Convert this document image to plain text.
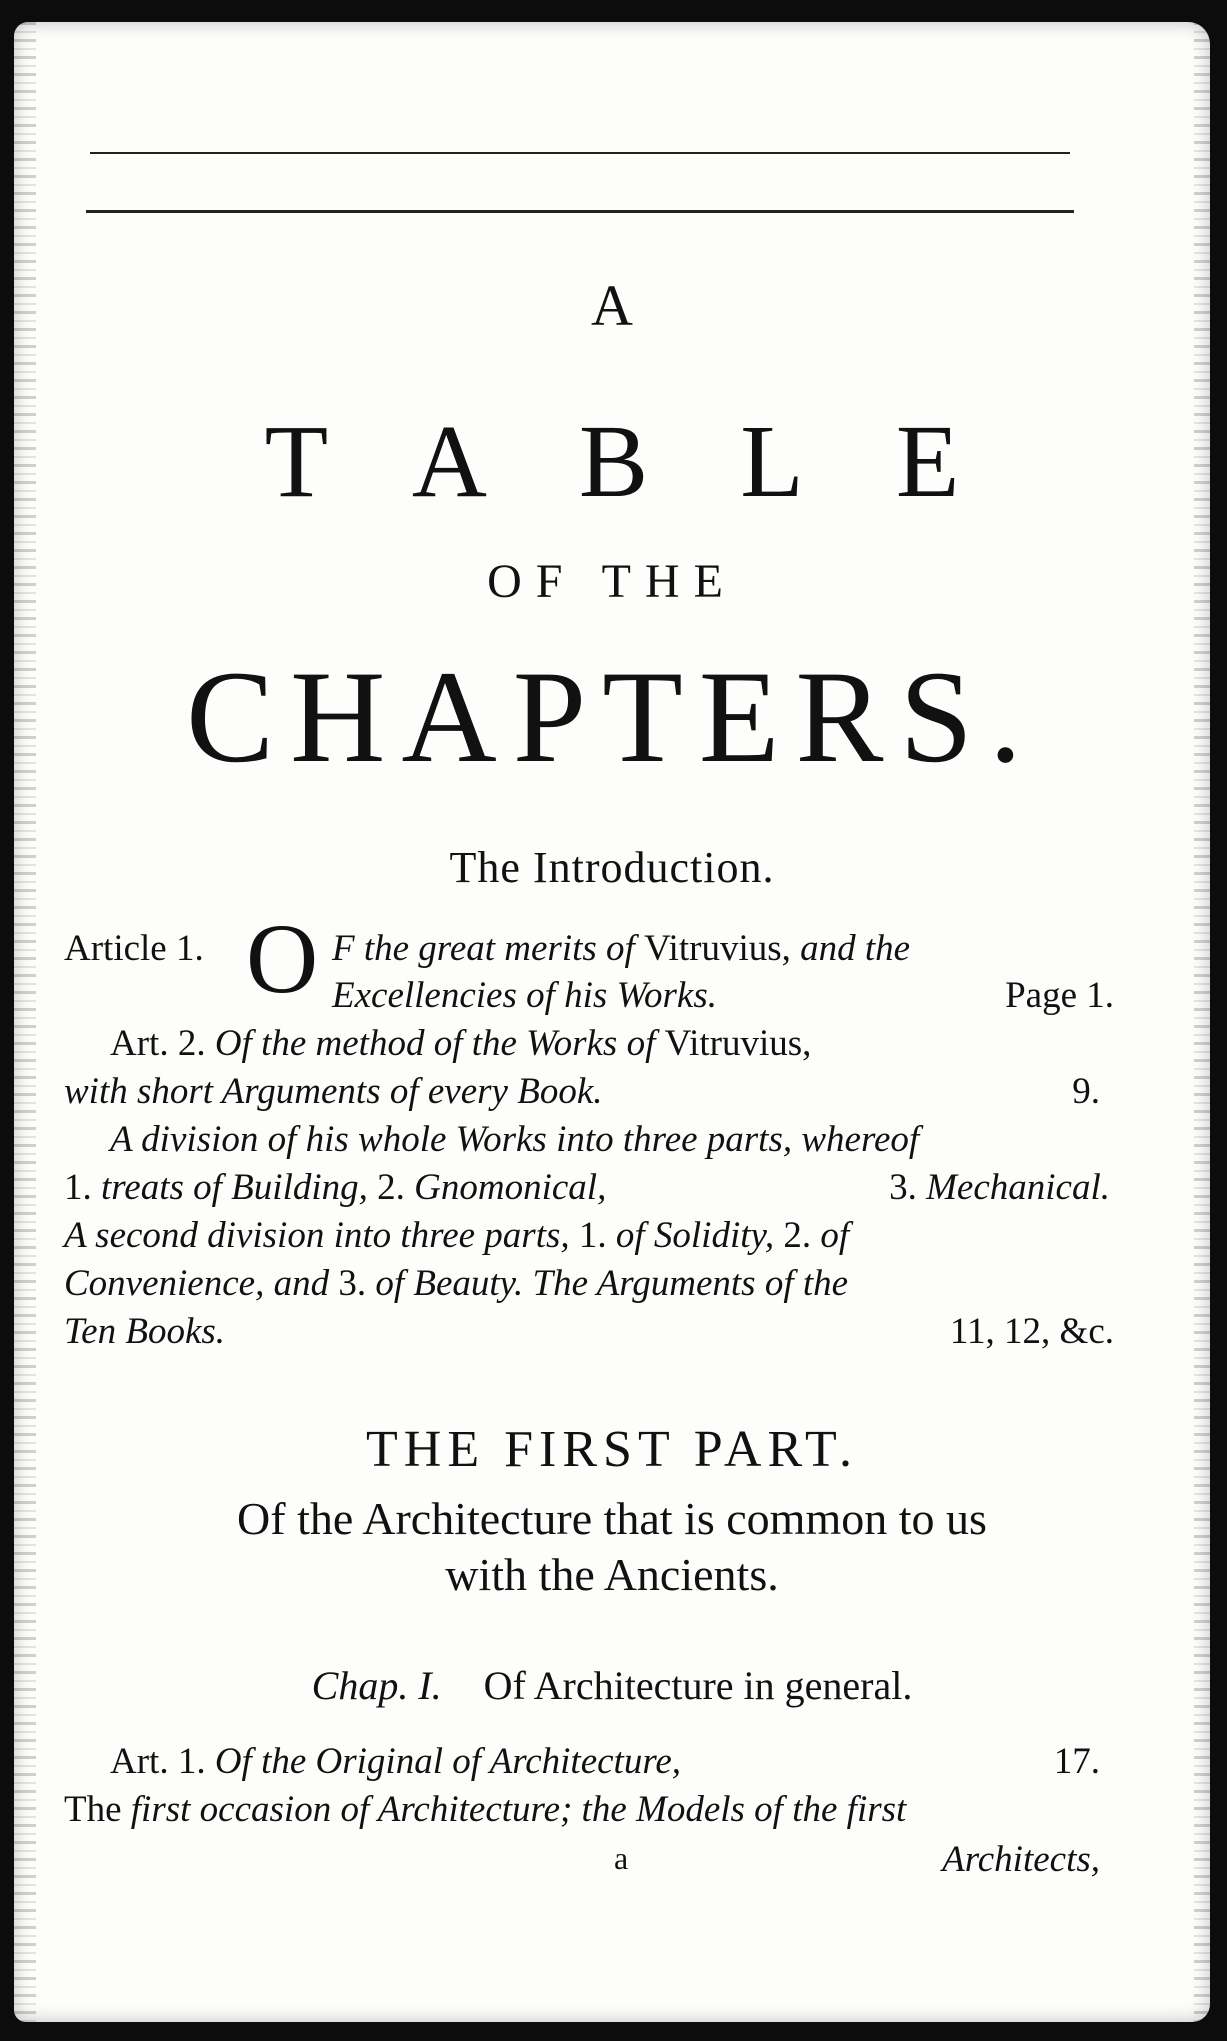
A

TABLE

OF THE

CHAPTERS.

The Introduction.

Article 1. O F the great merits of Vitruvius, and the
Excellencies of his Works.	Page 1.
Art. 2. Of the method of the Works of Vitruvius,
with short Arguments of every Book.	9.
A division of his whole Works into three parts, whereof
1. treats of Building, 2. Gnomonical,	3. Mechanical.
A second division into three parts, 1. of Solidity, 2. of
Convenience, and 3. of Beauty. The Arguments of the
Ten Books.	11, 12, &c.

THE FIRST PART.

Of the Architecture that is common to us

with the Ancients.

Chap. I. Of Architecture in general.

Art. 1. Of the Original of Architecture,	17.
The first occasion of Architecture; the Models of the first
a	Architects,
